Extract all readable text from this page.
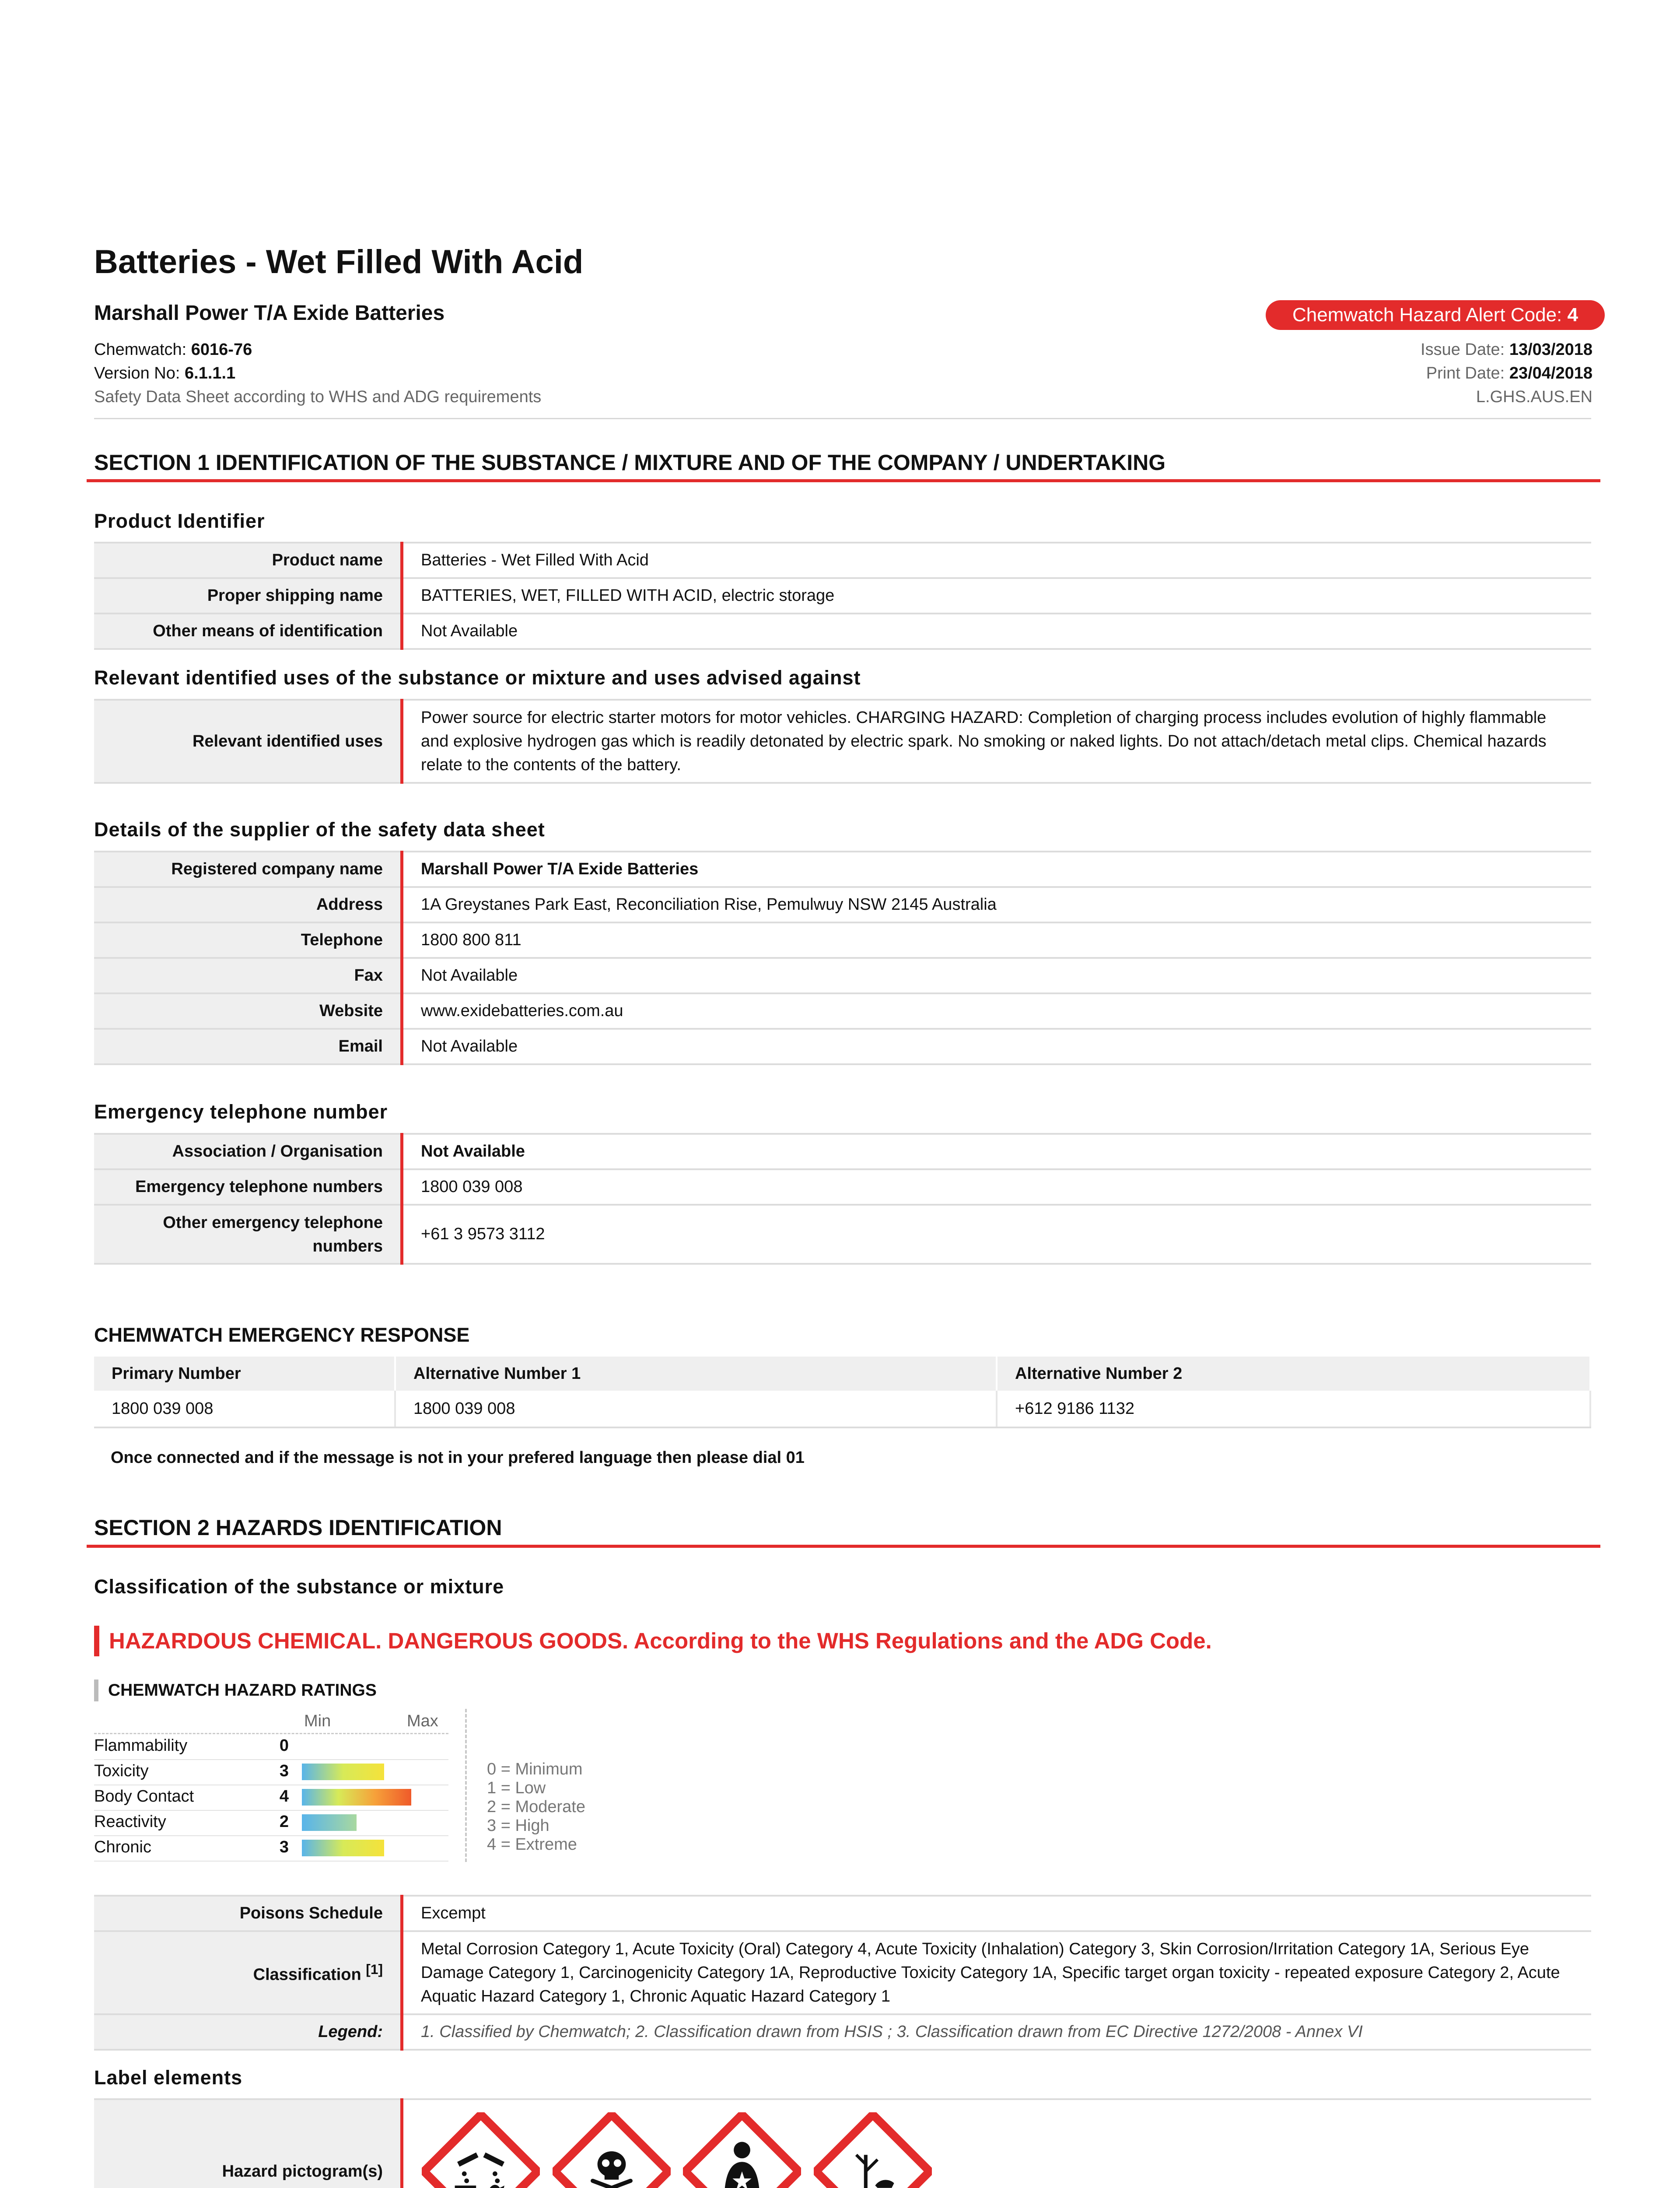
Batteries - Wet Filled With Acid
Marshall Power T/A Exide Batteries	Chemwatch Hazard Alert Code: 4
Chemwatch: 6016-76
Version No: 6.1.1.1
Safety Data Sheet according to WHS and ADG requirements
Issue Date: 13/03/2018
Print Date: 23/04/2018
L.GHS.AUS.EN
SECTION 1 IDENTIFICATION OF THE SUBSTANCE / MIXTURE AND OF THE COMPANY / UNDERTAKING
Product Identifier
Product name	Batteries - Wet Filled With Acid
Proper shipping name	BATTERIES, WET, FILLED WITH ACID, electric storage
Other means of identification	Not Available
Relevant identified uses of the substance or mixture and uses advised against
Relevant identified uses	Power source for electric starter motors for motor vehicles. CHARGING HAZARD: Completion of charging process includes evolution of highly flammable and explosive hydrogen gas which is readily detonated by electric spark. No smoking or naked lights. Do not attach/detach metal clips. Chemical hazards relate to the contents of the battery.
Details of the supplier of the safety data sheet
Registered company name	Marshall Power T/A Exide Batteries
Address	1A Greystanes Park East, Reconciliation Rise, Pemulwuy NSW 2145 Australia
Telephone	1800 800 811
Fax	Not Available
Website	www.exidebatteries.com.au
Email	Not Available
Emergency telephone number
Association / Organisation	Not Available
Emergency telephone numbers	1800 039 008
Other emergency telephone numbers	+61 3 9573 3112
CHEMWATCH EMERGENCY RESPONSE
Primary Number	Alternative Number 1	Alternative Number 2
1800 039 008	1800 039 008	+612 9186 1132
Once connected and if the message is not in your prefered language then please dial 01
SECTION 2 HAZARDS IDENTIFICATION
Classification of the substance or mixture
HAZARDOUS CHEMICAL. DANGEROUS GOODS. According to the WHS Regulations and the ADG Code.
CHEMWATCH HAZARD RATINGS
Min	Max
Flammability	0
Toxicity	3
Body Contact	4
Reactivity	2
Chronic	3
0 = Minimum
1 = Low
2 = Moderate
3 = High
4 = Extreme
Poisons Schedule	Excempt
Classification [1]	Metal Corrosion Category 1, Acute Toxicity (Oral) Category 4, Acute Toxicity (Inhalation) Category 3, Skin Corrosion/Irritation Category 1A, Serious Eye Damage Category 1, Carcinogenicity Category 1A, Reproductive Toxicity Category 1A, Specific target organ toxicity - repeated exposure Category 2, Acute Aquatic Hazard Category 1, Chronic Aquatic Hazard Category 1
Legend:	1. Classified by Chemwatch; 2. Classification drawn from HSIS ; 3. Classification drawn from EC Directive 1272/2008 - Annex VI
Label elements
Hazard pictogram(s)	
